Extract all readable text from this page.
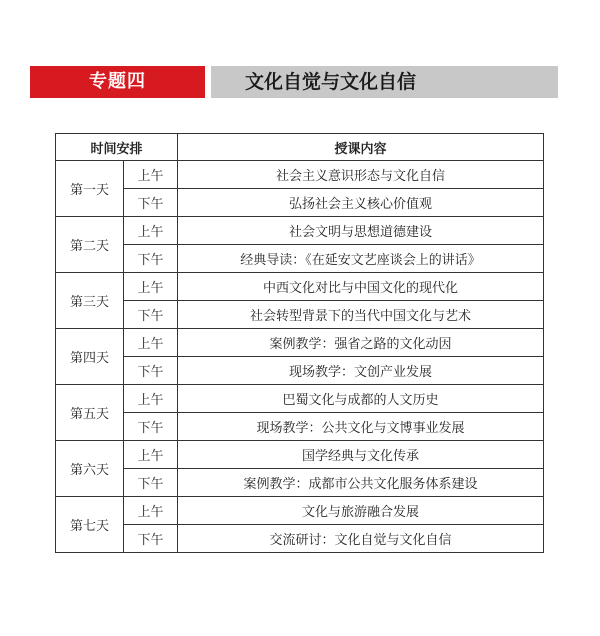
专题四	文化自觉与文化自信
时间安排		授课内容
第一天	上午	社会主义意识形态与文化自信
	下午	弘扬社会主义核心价值观
第二天	上午	社会文明与思想道德建设
	下午	经典导读：《在延安文艺座谈会上的讲话》
第三天	上午	中西文化对比与中国文化的现代化
	下午	社会转型背景下的当代中国文化与艺术
第四天	上午	案例教学：强省之路的文化动因
	下午	现场教学：文创产业发展
第五天	上午	巴蜀文化与成都的人文历史
	下午	现场教学：公共文化与文博事业发展
第六天	上午	国学经典与文化传承
	下午	案例教学：成都市公共文化服务体系建设
第七天	上午	文化与旅游融合发展
	下午	交流研讨：文化自觉与文化自信
